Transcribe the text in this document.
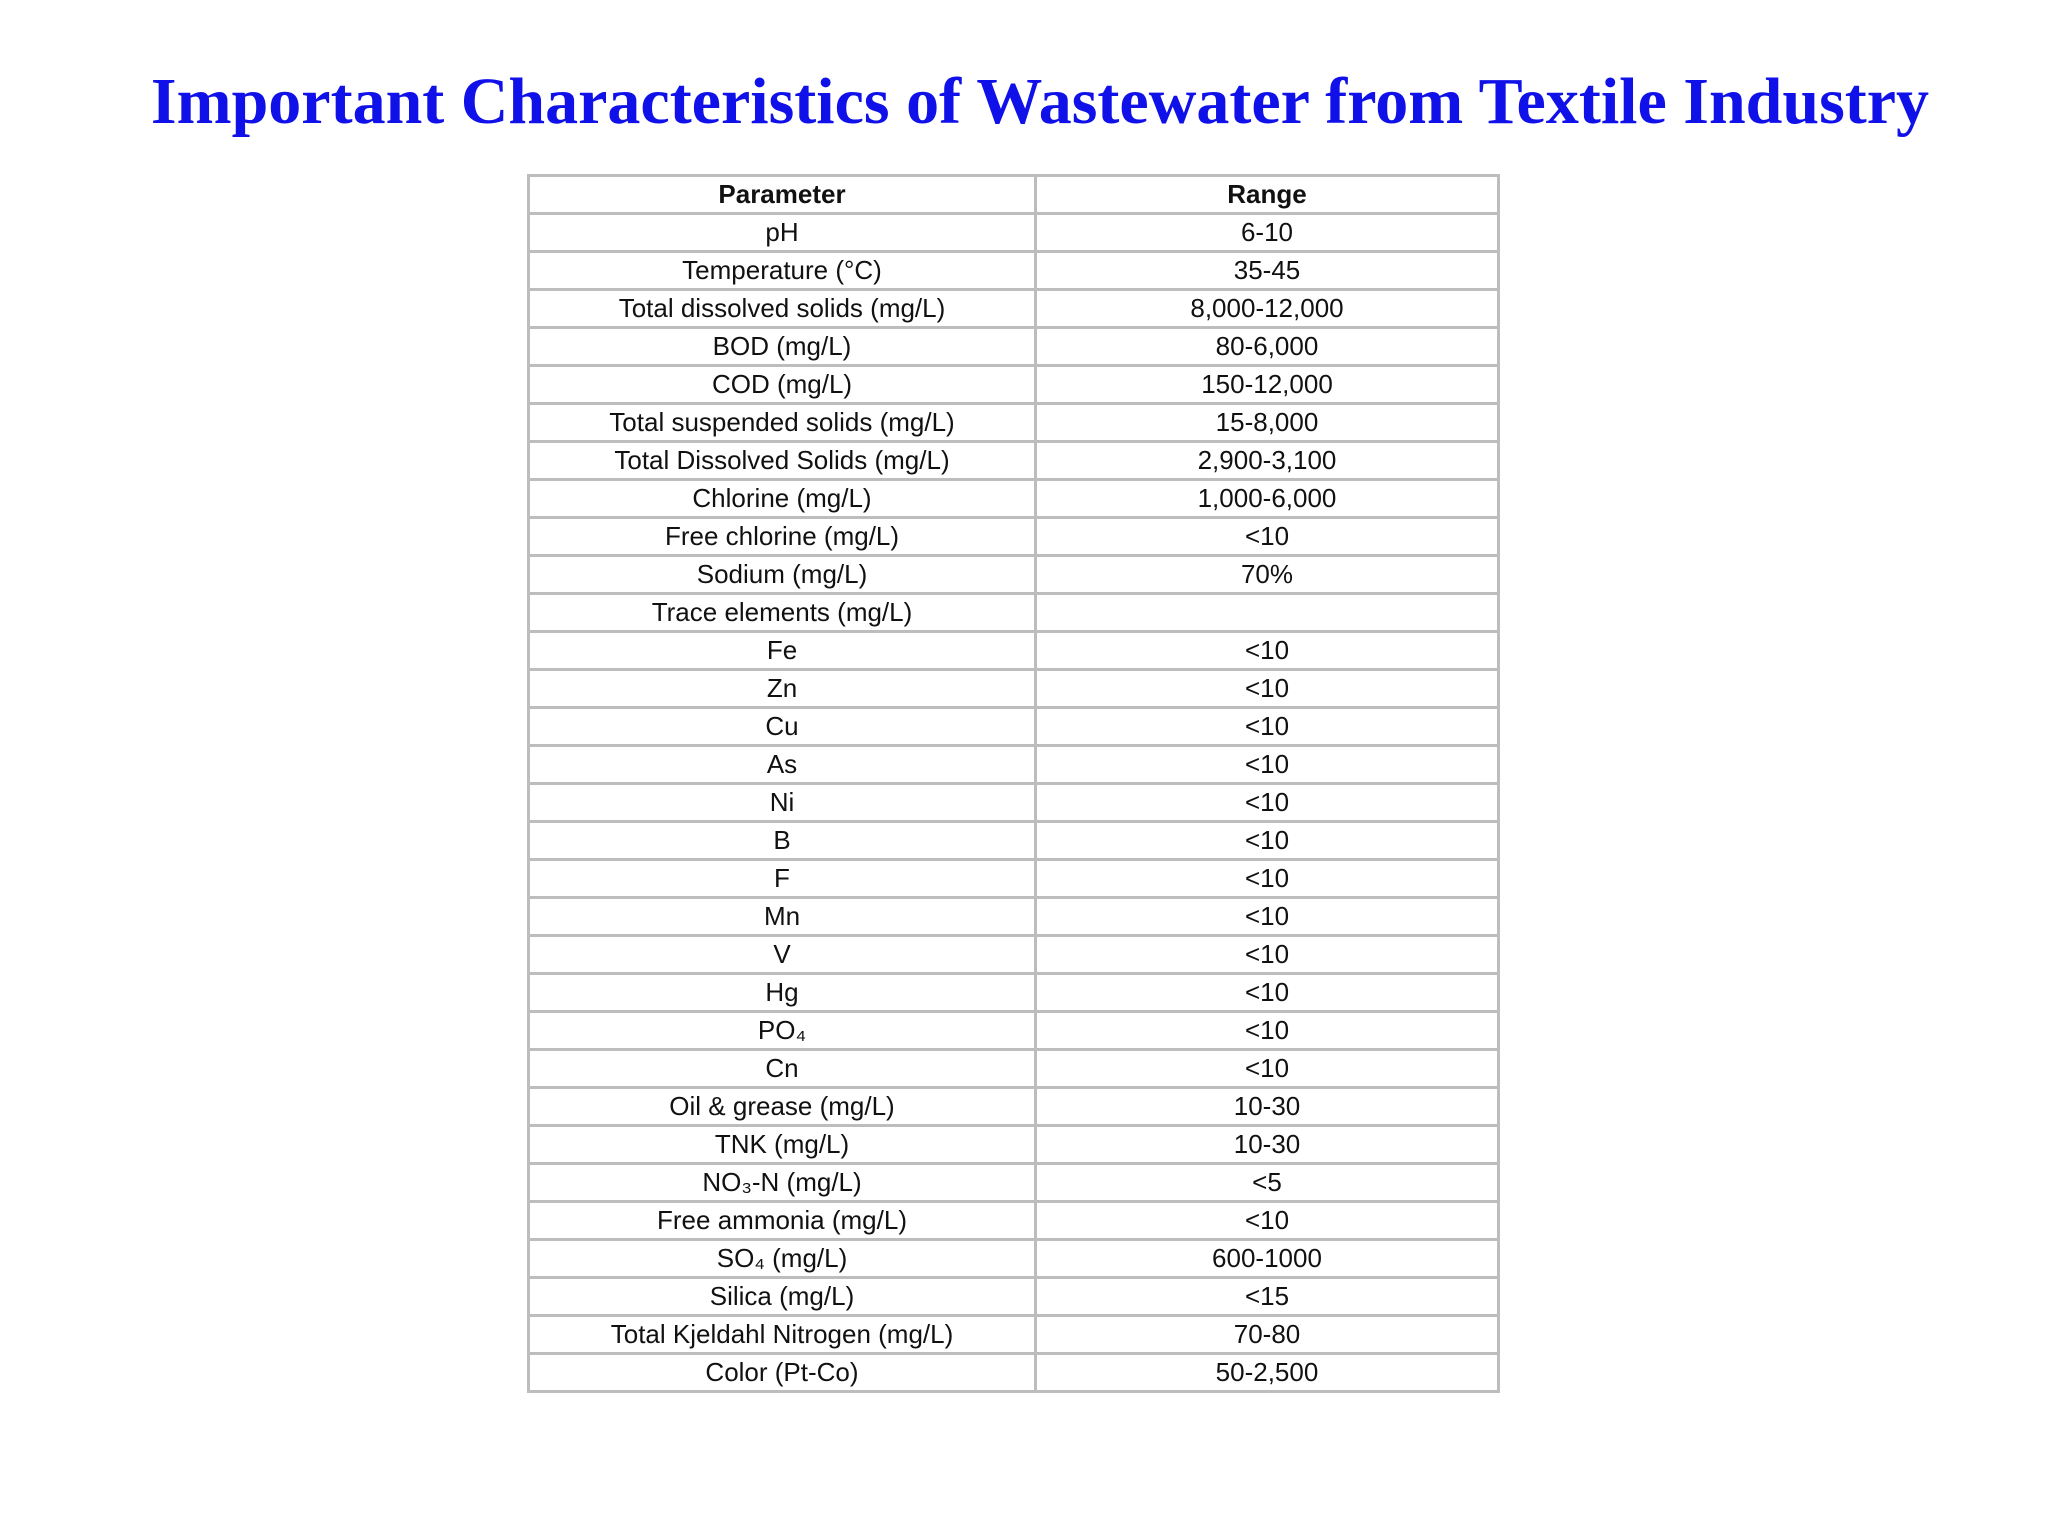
Important Characteristics of Wastewater from Textile Industry
Parameter	Range
pH	6-10
Temperature (°C)	35-45
Total dissolved solids (mg/L)	8,000-12,000
BOD (mg/L)	80-6,000
COD (mg/L)	150-12,000
Total suspended solids (mg/L)	15-8,000
Total Dissolved Solids (mg/L)	2,900-3,100
Chlorine (mg/L)	1,000-6,000
Free chlorine (mg/L)	<10
Sodium (mg/L)	70%
Trace elements (mg/L)	
Fe	<10
Zn	<10
Cu	<10
As	<10
Ni	<10
B	<10
F	<10
Mn	<10
V	<10
Hg	<10
PO₄	<10
Cn	<10
Oil & grease (mg/L)	10-30
TNK (mg/L)	10-30
NO₃-N (mg/L)	<5
Free ammonia (mg/L)	<10
SO₄ (mg/L)	600-1000
Silica (mg/L)	<15
Total Kjeldahl Nitrogen (mg/L)	70-80
Color (Pt-Co)	50-2,500
